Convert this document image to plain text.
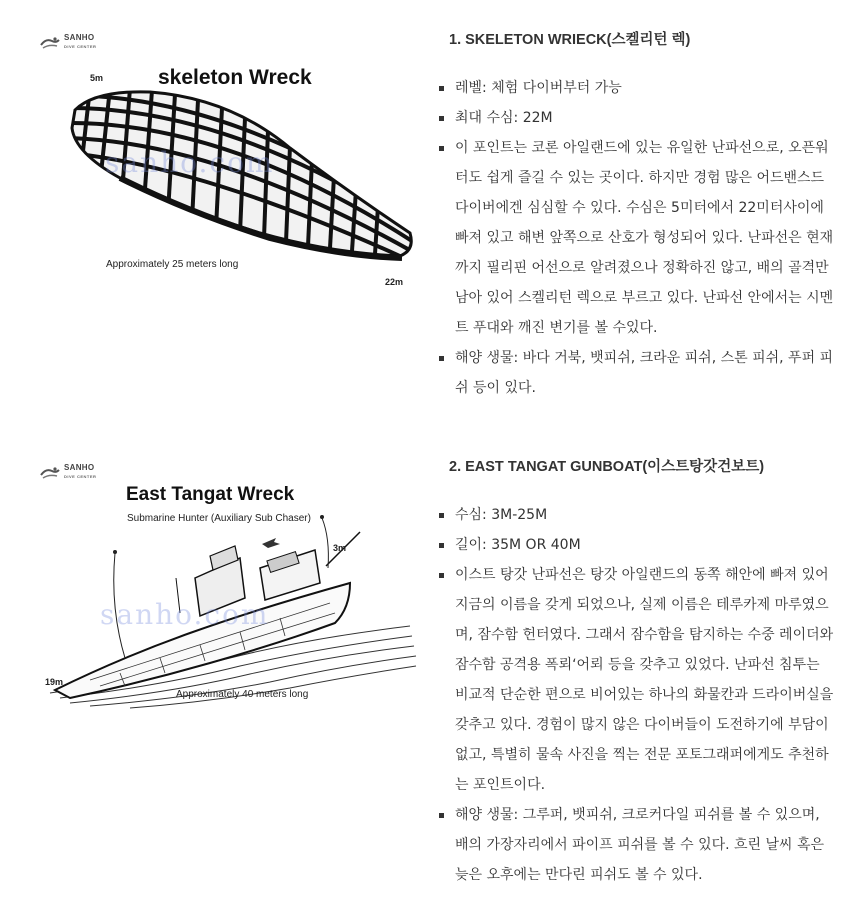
SANHO
DIVE CENTER
skeleton Wreck
5m
sanho.com
Approximately 25 meters long
22m
1. SKELETON WRIECK(스켈리턴 렉)
레벨: 체험 다이버부터 가능
최대 수심: 22M
이 포인트는 코론 아일랜드에 있는 유일한 난파선으로, 오픈워터도 쉽게 즐길 수 있는 곳이다. 하지만 경험 많은 어드밴스드 다이버에겐 심심할 수 있다. 수심은 5미터에서 22미터사이에 빠져 있고 해변 앞쪽으로 산호가 형성되어 있다. 난파선은 현재까지 필리핀 어선으로 알려졌으나 정확하진 않고, 배의 골격만 남아 있어 스켈리턴 렉으로 부르고 있다. 난파선 안에서는 시멘트 푸대와 깨진 변기를 볼 수있다.
해양 생물: 바다 거북, 뱃피쉬, 크라운 피쉬, 스톤 피쉬, 푸퍼 피쉬 등이 있다.
SANHO
DIVE CENTER
East Tangat Wreck
Submarine Hunter (Auxiliary Sub Chaser)
3m
sanho.com
19m
Approximately 40 meters long
2. EAST TANGAT GUNBOAT(이스트탕갓건보트)
수심: 3M-25M
길이: 35M OR 40M
이스트 탕갓 난파선은 탕갓 아일랜드의 동쪽 해안에 빠져 있어 지금의 이름을 갖게 되었으나, 실제 이름은 테루카제 마루였으며, 잠수함 헌터였다. 그래서 잠수함을 탐지하는 수중 레이더와 잠수함 공격용 폭뢰‘어뢰 등을 갖추고 있었다. 난파선 침투는 비교적 단순한 편으로 비어있는 하나의 화물칸과 드라이버실을 갖추고 있다. 경험이 많지 않은 다이버들이 도전하기에 부담이 없고, 특별히 물속 사진을 찍는 전문 포토그래퍼에게도 추천하는 포인트이다.
해양 생물: 그루퍼, 뱃피쉬, 크로커다일 피쉬를 볼 수 있으며, 배의 가장자리에서 파이프 피쉬를 볼 수 있다. 흐린 날씨 혹은 늦은 오후에는 만다린 피쉬도 볼 수 있다.
